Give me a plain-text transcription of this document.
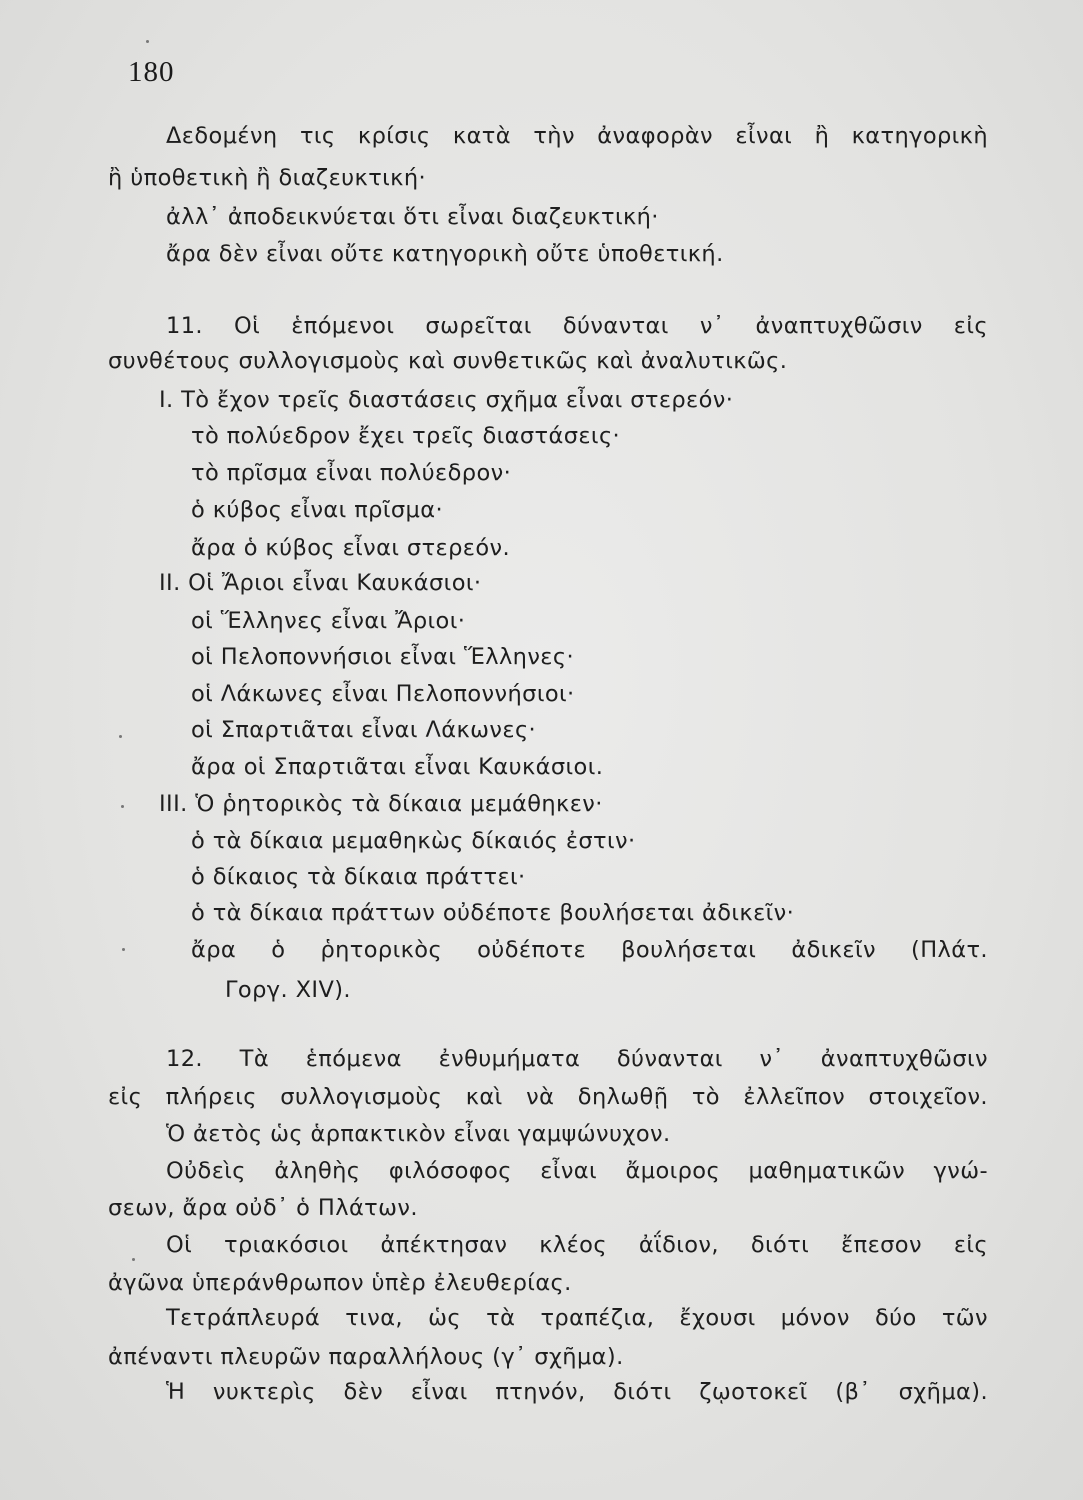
180
Δεδομένη τις κρίσις κατὰ τὴν ἀναφορὰν εἶναι ἢ κατηγορικὴ
ἢ ὑποθετικὴ ἢ διαζευκτική·
ἀλλ᾽ ἀποδεικνύεται ὅτι εἶναι διαζευκτική·
ἄρα δὲν εἶναι οὔτε κατηγορικὴ οὔτε ὑποθετική.
11. Οἱ ἑπόμενοι σωρεῖται δύνανται ν᾽ ἀναπτυχθῶσιν εἰς
συνθέτους συλλογισμοὺς καὶ συνθετικῶς καὶ ἀναλυτικῶς.
I. Τὸ ἔχον τρεῖς διαστάσεις σχῆμα εἶναι στερεόν·
τὸ πολύεδρον ἔχει τρεῖς διαστάσεις·
τὸ πρῖσμα εἶναι πολύεδρον·
ὁ κύβος εἶναι πρῖσμα·
ἄρα ὁ κύβος εἶναι στερεόν.
II. Οἱ Ἄριοι εἶναι Καυκάσιοι·
οἱ Ἕλληνες εἶναι Ἄριοι·
οἱ Πελοποννήσιοι εἶναι Ἕλληνες·
οἱ Λάκωνες εἶναι Πελοποννήσιοι·
οἱ Σπαρτιᾶται εἶναι Λάκωνες·
ἄρα οἱ Σπαρτιᾶται εἶναι Καυκάσιοι.
III. Ὁ ῥητορικὸς τὰ δίκαια μεμάθηκεν·
ὁ τὰ δίκαια μεμαθηκὼς δίκαιός ἐστιν·
ὁ δίκαιος τὰ δίκαια πράττει·
ὁ τὰ δίκαια πράττων οὐδέποτε βουλήσεται ἀδικεῖν·
ἄρα ὁ ῥητορικὸς οὐδέποτε βουλήσεται ἀδικεῖν (Πλάτ.
Γοργ. XIV).
12. Τὰ ἑπόμενα ἐνθυμήματα δύνανται ν᾽ ἀναπτυχθῶσιν
εἰς πλήρεις συλλογισμοὺς καὶ νὰ δηλωθῇ τὸ ἐλλεῖπον στοιχεῖον.
Ὁ ἀετὸς ὡς ἁρπακτικὸν εἶναι γαμψώνυχον.
Οὐδεὶς ἀληθὴς φιλόσοφος εἶναι ἄμοιρος μαθηματικῶν γνώ-
σεων, ἄρα οὐδ᾽ ὁ Πλάτων.
Οἱ τριακόσιοι ἀπέκτησαν κλέος ἀΐδιον, διότι ἔπεσον εἰς
ἀγῶνα ὑπεράνθρωπον ὑπὲρ ἐλευθερίας.
Τετράπλευρά τινα, ὡς τὰ τραπέζια, ἔχουσι μόνον δύο τῶν
ἀπέναντι πλευρῶν παραλλήλους (γ᾽ σχῆμα).
Ἡ νυκτερὶς δὲν εἶναι πτηνόν, διότι ζῳοτοκεῖ (β᾽ σχῆμα).
